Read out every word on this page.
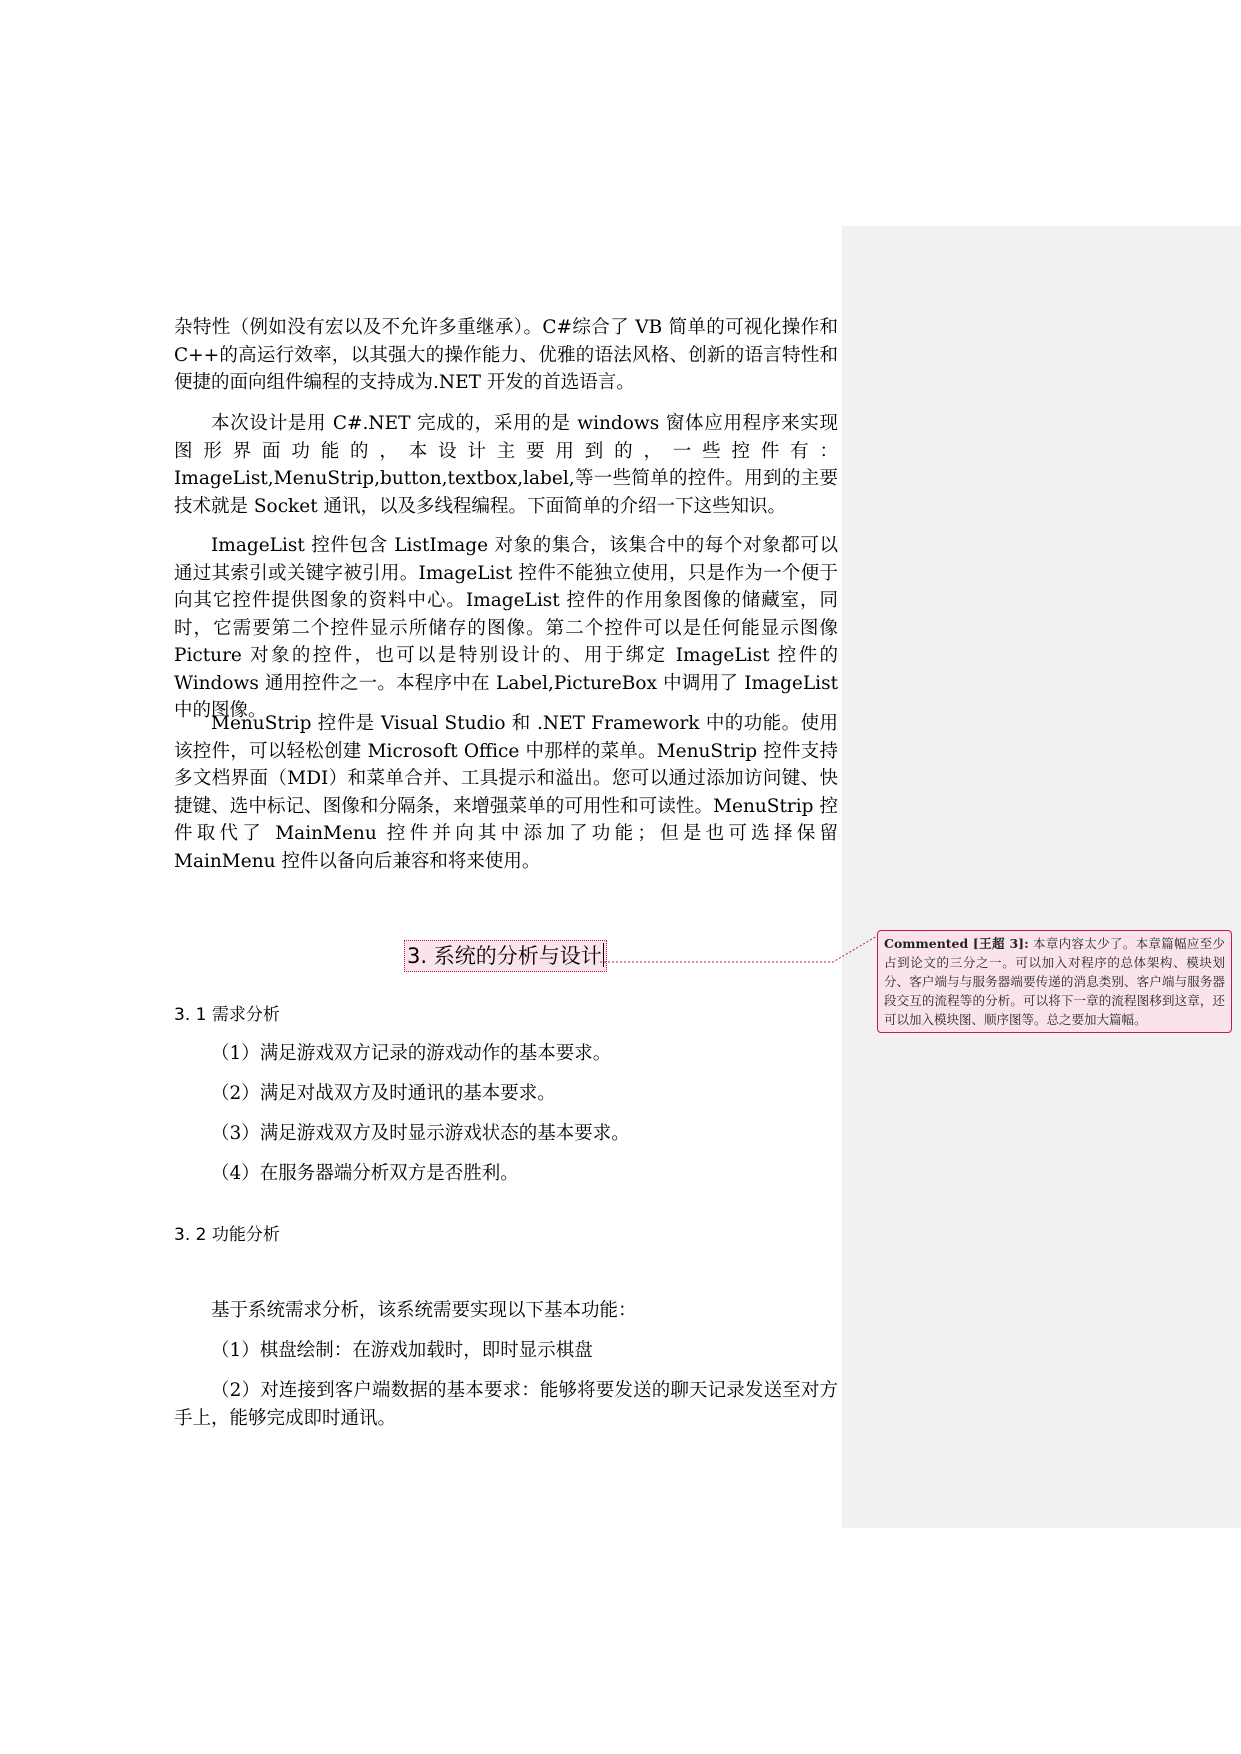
杂特性（例如没有宏以及不允许多重继承）。C#综合了 VB 简单的可视化操作和 C++的高运行效率，以其强大的操作能力、优雅的语法风格、创新的语言特性和便捷的面向组件编程的支持成为.NET 开发的首选语言。

本次设计是用 C#.NET 完成的，采用的是 windows 窗体应用程序来实现图形界面功能的，本设计主要用到的，一些控件有：ImageList,MenuStrip,button,textbox,label,等一些简单的控件。用到的主要技术就是 Socket 通讯，以及多线程编程。下面简单的介绍一下这些知识。

ImageList 控件包含 ListImage 对象的集合，该集合中的每个对象都可以通过其索引或关键字被引用。ImageList 控件不能独立使用，只是作为一个便于向其它控件提供图象的资料中心。ImageList 控件的作用象图像的储藏室，同时，它需要第二个控件显示所储存的图像。第二个控件可以是任何能显示图像 Picture 对象的控件，也可以是特别设计的、用于绑定 ImageList 控件的 Windows 通用控件之一。本程序中在 Label,PictureBox 中调用了 ImageList 中的图像。

MenuStrip 控件是 Visual Studio 和 .NET Framework 中的功能。使用该控件，可以轻松创建 Microsoft Office 中那样的菜单。MenuStrip 控件支持多文档界面（MDI）和菜单合并、工具提示和溢出。您可以通过添加访问键、快捷键、选中标记、图像和分隔条，来增强菜单的可用性和可读性。MenuStrip 控件取代了 MainMenu 控件并向其中添加了功能；但是也可选择保留 MainMenu 控件以备向后兼容和将来使用。

3. 系统的分析与设计
3. 1 需求分析
（1）满足游戏双方记录的游戏动作的基本要求。
（2）满足对战双方及时通讯的基本要求。
（3）满足游戏双方及时显示游戏状态的基本要求。
（4）在服务器端分析双方是否胜利。
3. 2 功能分析
基于系统需求分析，该系统需要实现以下基本功能：
（1）棋盘绘制：在游戏加载时，即时显示棋盘
（2）对连接到客户端数据的基本要求：能够将要发送的聊天记录发送至对方手上，能够完成即时通讯。
Commented [王超 3]: 本章内容太少了。本章篇幅应至少占到论文的三分之一。可以加入对程序的总体架构、模块划分、客户端与与服务器端要传递的消息类别、客户端与服务器段交互的流程等的分析。可以将下一章的流程图移到这章，还可以加入模块图、顺序图等。总之要加大篇幅。
